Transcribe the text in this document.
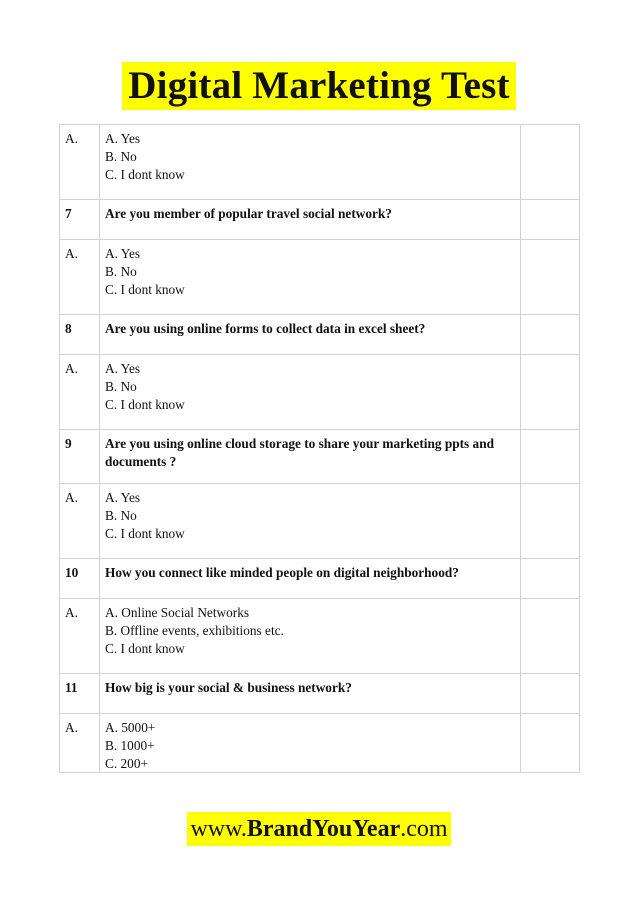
Digital Marketing Test
A.	A. Yes
B. No
C. I dont know	

7	Are you member of popular travel social network?	
A.	A. Yes
B. No
C. I dont know	

8	Are you using online forms to collect data in excel sheet?	
A.	A. Yes
B. No
C. I dont know	

9	Are you using online cloud storage to share your marketing ppts and documents ?	
A.	A. Yes
B. No
C. I dont know	

10	How you connect like minded people on digital neighborhood?	
A.	A. Online Social Networks
B. Offline events, exhibitions etc.
C. I dont know	

11	How big is your social & business network?	
A.	A. 5000+
B. 1000+
C. 200+	

www.BrandYouYear.com
